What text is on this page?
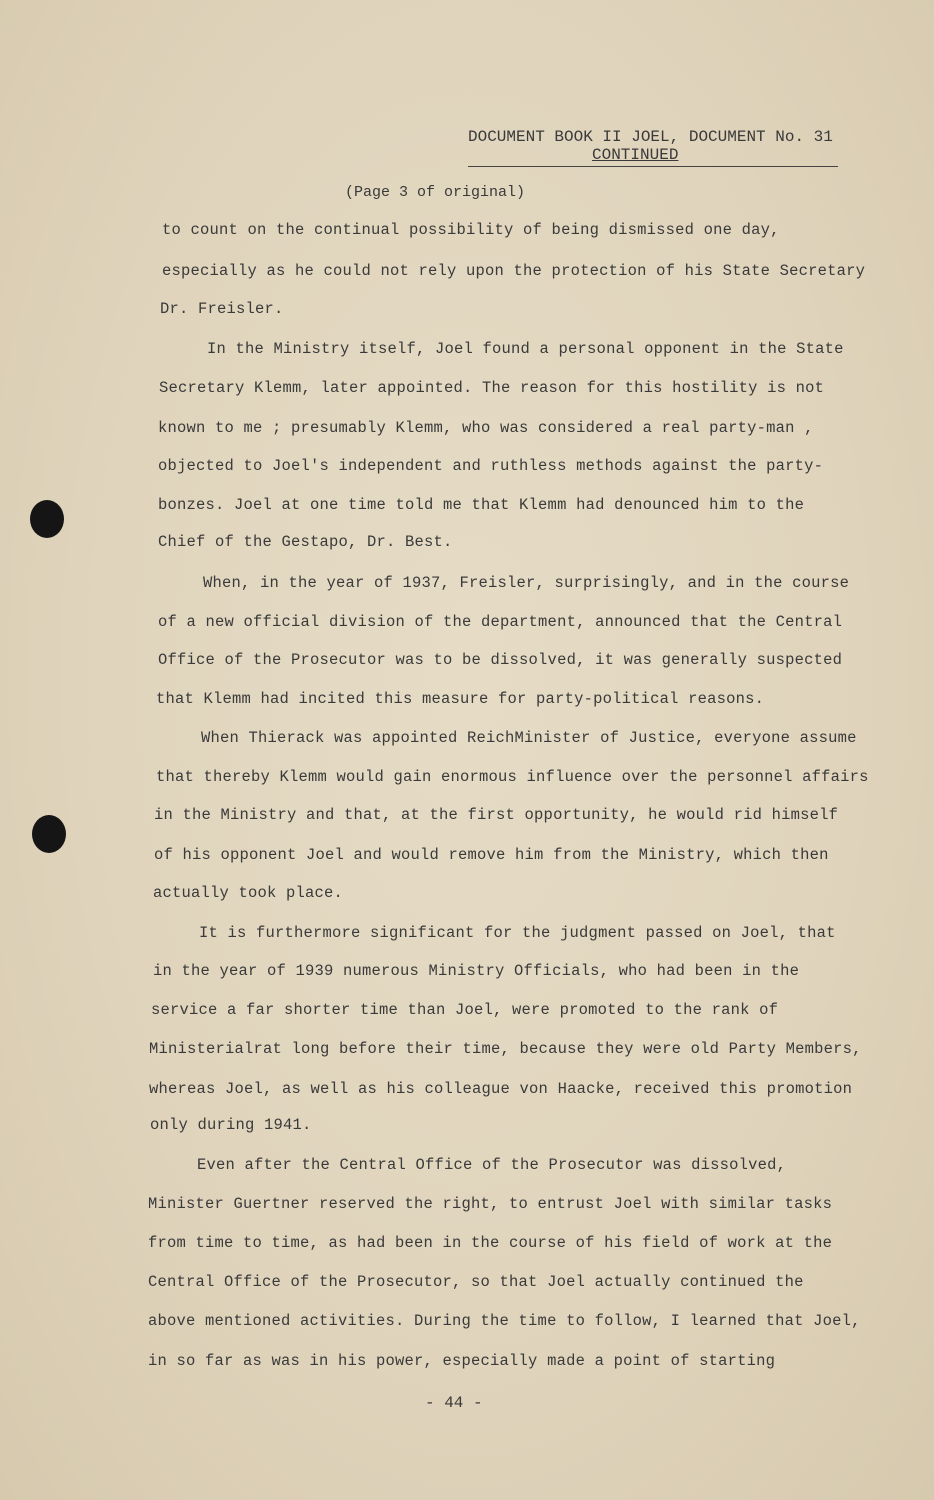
DOCUMENT BOOK II JOEL, DOCUMENT No. 31
CONTINUED
(Page 3 of original)
to count on the continual possibility of being dismissed one day,
especially as he could not rely upon the protection of his State Secretary
Dr. Freisler.
In the Ministry itself, Joel found a personal opponent in the State
Secretary Klemm, later appointed. The reason for this hostility is not
known to me ; presumably Klemm, who was considered a real party-man ,
objected to Joel's independent and ruthless methods against the party-
bonzes. Joel at one time told me that Klemm had denounced him to the
Chief of the Gestapo, Dr. Best.
When, in the year of 1937, Freisler, surprisingly, and in the course
of a new official division of the department, announced that the Central
Office of the Prosecutor was to be dissolved, it was generally suspected
that Klemm had incited this measure for party-political reasons.
When Thierack was appointed ReichMinister of Justice, everyone assume
that thereby Klemm would gain enormous influence over the personnel affairs
in the Ministry and that, at the first opportunity, he would rid himself
of his opponent Joel and would remove him from the Ministry, which then
actually took place.
It is furthermore significant for the judgment passed on Joel, that
in the year of 1939 numerous Ministry Officials, who had been in the
service a far shorter time than Joel, were promoted to the rank of
Ministerialrat long before their time, because they were old Party Members,
whereas Joel, as well as his colleague von Haacke, received this promotion
only during 1941.
Even after the Central Office of the Prosecutor was dissolved,
Minister Guertner reserved the right, to entrust Joel with similar tasks
from time to time, as had been in the course of his field of work at the
Central Office of the Prosecutor, so that Joel actually continued the
above mentioned activities. During the time to follow, I learned that Joel,
in so far as was in his power, especially made a point of starting
- 44 -
